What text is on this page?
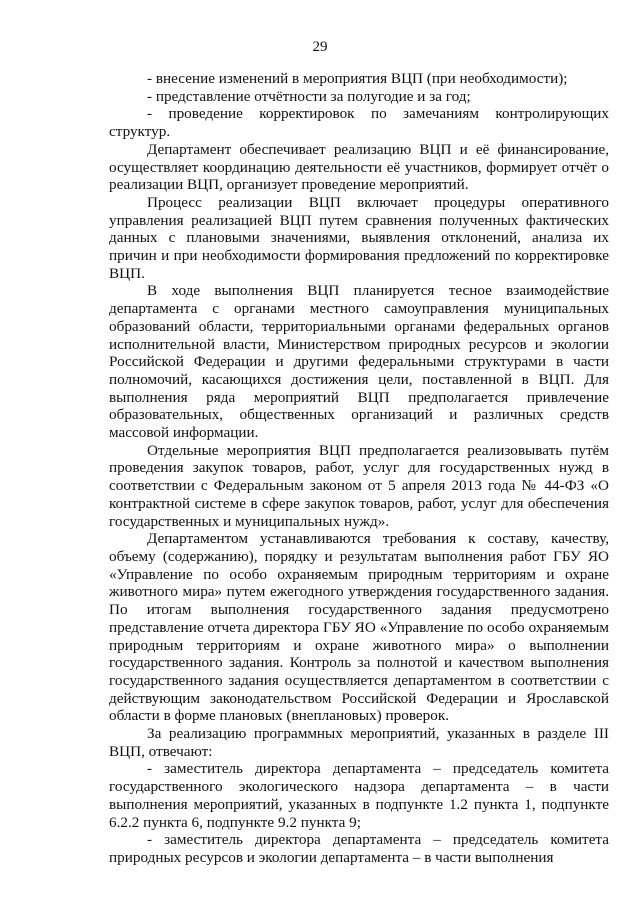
29

- внесение изменений в мероприятия ВЦП (при необходимости);

- представление отчётности за полугодие и за год;

- проведение корректировок по замечаниям контролирующих структур.

Департамент обеспечивает реализацию ВЦП и её финансирование, осуществляет координацию деятельности её участников, формирует отчёт о реализации ВЦП, организует проведение мероприятий.

Процесс реализации ВЦП включает процедуры оперативного управления реализацией ВЦП путем сравнения полученных фактических данных с плановыми значениями, выявления отклонений, анализа их причин и при необходимости формирования предложений по корректировке ВЦП.

В ходе выполнения ВЦП планируется тесное взаимодействие департамента с органами местного самоуправления муниципальных образований области, территориальными органами федеральных органов исполнительной власти, Министерством природных ресурсов и экологии Российской Федерации и другими федеральными структурами в части полномочий, касающихся достижения цели, поставленной в ВЦП. Для выполнения ряда мероприятий ВЦП предполагается привлечение образовательных, общественных организаций и различных средств массовой информации.

Отдельные мероприятия ВЦП предполагается реализовывать путём проведения закупок товаров, работ, услуг для государственных нужд в соответствии с Федеральным законом от 5 апреля 2013 года № 44-ФЗ «О контрактной системе в сфере закупок товаров, работ, услуг для обеспечения государственных и муниципальных нужд».

Департаментом устанавливаются требования к составу, качеству, объему (содержанию), порядку и результатам выполнения работ ГБУ ЯО «Управление по особо охраняемым природным территориям и охране животного мира» путем ежегодного утверждения государственного задания. По итогам выполнения государственного задания предусмотрено представление отчета директора ГБУ ЯО «Управление по особо охраняемым природным территориям и охране животного мира» о выполнении государственного задания. Контроль за полнотой и качеством выполнения государственного задания осуществляется департаментом в соответствии с действующим законодательством Российской Федерации и Ярославской области в форме плановых (внеплановых) проверок.

За реализацию программных мероприятий, указанных в разделе III ВЦП, отвечают:

- заместитель директора департамента – председатель комитета государственного экологического надзора департамента – в части выполнения мероприятий, указанных в подпункте 1.2 пункта 1, подпункте 6.2.2 пункта 6, подпункте 9.2 пункта 9;

- заместитель директора департамента – председатель комитета природных ресурсов и экологии департамента – в части выполнения
